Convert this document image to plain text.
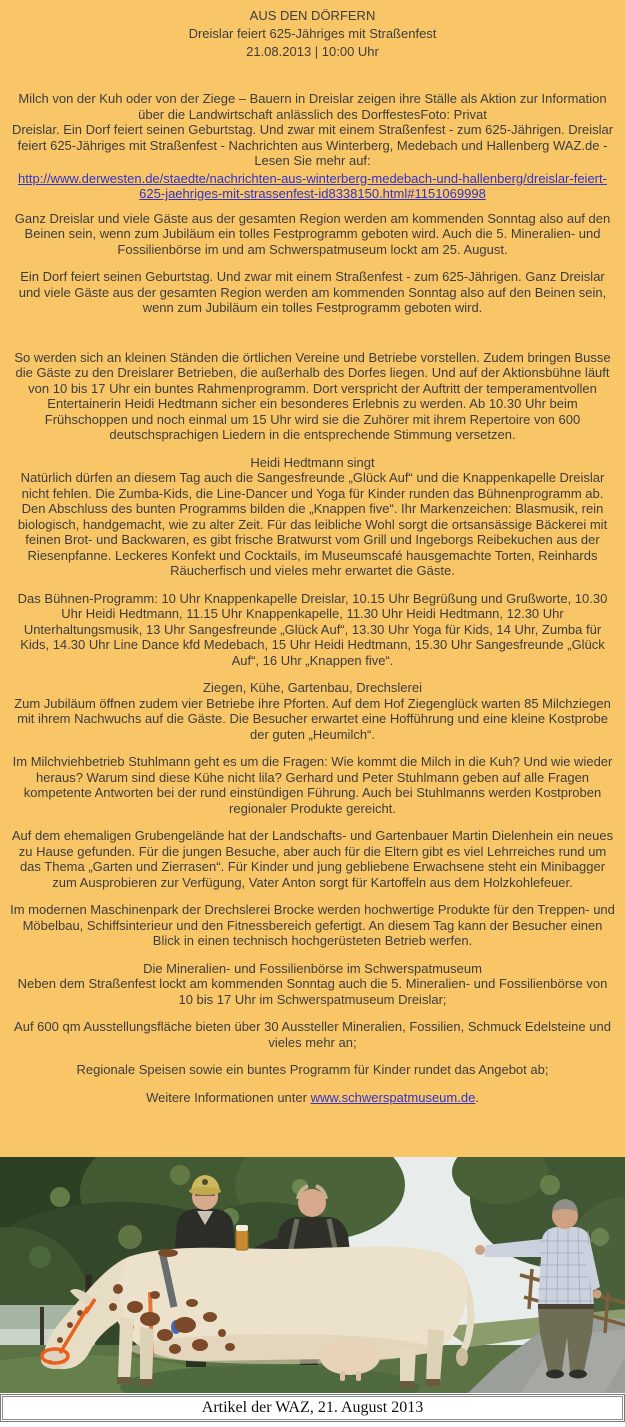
AUS DEN DÖRFERN
Dreislar feiert 625-Jähriges mit Straßenfest
21.08.2013 | 10:00 Uhr

Milch von der Kuh oder von der Ziege – Bauern in Dreislar zeigen ihre Ställe als Aktion zur Information über die Landwirtschaft anlässlich des DorffestesFoto: Privat

Dreislar. Ein Dorf feiert seinen Geburtstag. Und zwar mit einem Straßenfest - zum 625-Jährigen. Dreislar feiert 625-Jähriges mit Straßenfest - Nachrichten aus Winterberg, Medebach und Hallenberg WAZ.de - Lesen Sie mehr auf:

http://www.derwesten.de/staedte/nachrichten-aus-winterberg-medebach-und-hallenberg/dreislar-feiert-625-jaehriges-mit-strassenfest-id8338150.html#1151069998

Ganz Dreislar und viele Gäste aus der gesamten Region werden am kommenden Sonntag also auf den Beinen sein, wenn zum Jubiläum ein tolles Festprogramm geboten wird. Auch die 5. Mineralien- und Fossilienbörse im und am Schwerspatmuseum lockt am 25. August.

Ein Dorf feiert seinen Geburtstag. Und zwar mit einem Straßenfest - zum 625-Jährigen. Ganz Dreislar und viele Gäste aus der gesamten Region werden am kommenden Sonntag also auf den Beinen sein, wenn zum Jubiläum ein tolles Festprogramm geboten wird.

So werden sich an kleinen Ständen die örtlichen Vereine und Betriebe vorstellen. Zudem bringen Busse die Gäste zu den Dreislarer Betrieben, die außerhalb des Dorfes liegen. Und auf der Aktionsbühne läuft von 10 bis 17 Uhr ein buntes Rahmenprogramm. Dort verspricht der Auftritt der temperamentvollen Entertainerin Heidi Hedtmann sicher ein besonderes Erlebnis zu werden. Ab 10.30 Uhr beim Frühschoppen und noch einmal um 15 Uhr wird sie die Zuhörer mit ihrem Repertoire von 600 deutschsprachigen Liedern in die entsprechende Stimmung versetzen.

Heidi Hedtmann singt

Natürlich dürfen an diesem Tag auch die Sangesfreunde „Glück Auf“ und die Knappenkapelle Dreislar nicht fehlen. Die Zumba-Kids, die Line-Dancer und Yoga für Kinder runden das Bühnenprogramm ab. Den Abschluss des bunten Programms bilden die „Knappen five“. Ihr Markenzeichen: Blasmusik, rein biologisch, handgemacht, wie zu alter Zeit. Für das leibliche Wohl sorgt die ortsansässige Bäckerei mit feinen Brot- und Backwaren, es gibt frische Bratwurst vom Grill und Ingeborgs Reibekuchen aus der Riesenpfanne. Leckeres Konfekt und Cocktails, im Museumscafé hausgemachte Torten, Reinhards Räucherfisch und vieles mehr erwartet die Gäste.

Das Bühnen-Programm: 10 Uhr Knappenkapelle Dreislar, 10.15 Uhr Begrüßung und Grußworte, 10.30 Uhr Heidi Hedtmann, 11.15 Uhr Knappenkapelle, 11.30 Uhr Heidi Hedtmann, 12.30 Uhr Unterhaltungsmusik, 13 Uhr Sangesfreunde „Glück Auf“, 13.30 Uhr Yoga für Kids, 14 Uhr, Zumba für Kids, 14.30 Uhr Line Dance kfd Medebach, 15 Uhr Heidi Hedtmann, 15.30 Uhr Sangesfreunde „Glück Auf“, 16 Uhr „Knappen five“.

Ziegen, Kühe, Gartenbau, Drechslerei

Zum Jubiläum öffnen zudem vier Betriebe ihre Pforten. Auf dem Hof Ziegenglück warten 85 Milchziegen mit ihrem Nachwuchs auf die Gäste. Die Besucher erwartet eine Hofführung und eine kleine Kostprobe der guten „Heumilch“.

Im Milchviehbetrieb Stuhlmann geht es um die Fragen: Wie kommt die Milch in die Kuh? Und wie wieder heraus? Warum sind diese Kühe nicht lila? Gerhard und Peter Stuhlmann geben auf alle Fragen kompetente Antworten bei der rund einstündigen Führung. Auch bei Stuhlmanns werden Kostproben regionaler Produkte gereicht.

Auf dem ehemaligen Grubengelände hat der Landschafts- und Gartenbauer Martin Dielenhein ein neues zu Hause gefunden. Für die jungen Besuche, aber auch für die Eltern gibt es viel Lehrreiches rund um das Thema „Garten und Zierrasen“. Für Kinder und jung gebliebene Erwachsene steht ein Minibagger zum Ausprobieren zur Verfügung, Vater Anton sorgt für Kartoffeln aus dem Holzkohlefeuer.

Im modernen Maschinenpark der Drechslerei Brocke werden hochwertige Produkte für den Treppen- und Möbelbau, Schiffsinterieur und den Fitnessbereich gefertigt. An diesem Tag kann der Besucher einen Blick in einen technisch hochgerüsteten Betrieb werfen.

Die Mineralien- und Fossilienbörse im Schwerspatmuseum

Neben dem Straßenfest lockt am kommenden Sonntag auch die 5. Mineralien- und Fossilienbörse von 10 bis 17 Uhr im Schwerspatmuseum Dreislar;

Auf 600 qm Ausstellungsfläche bieten über 30 Aussteller Mineralien, Fossilien, Schmuck Edelsteine und vieles mehr an;

Regionale Speisen sowie ein buntes Programm für Kinder rundet das Angebot ab;

Weitere Informationen unter www.schwerspatmuseum.de.

Artikel der WAZ, 21. August 2013
